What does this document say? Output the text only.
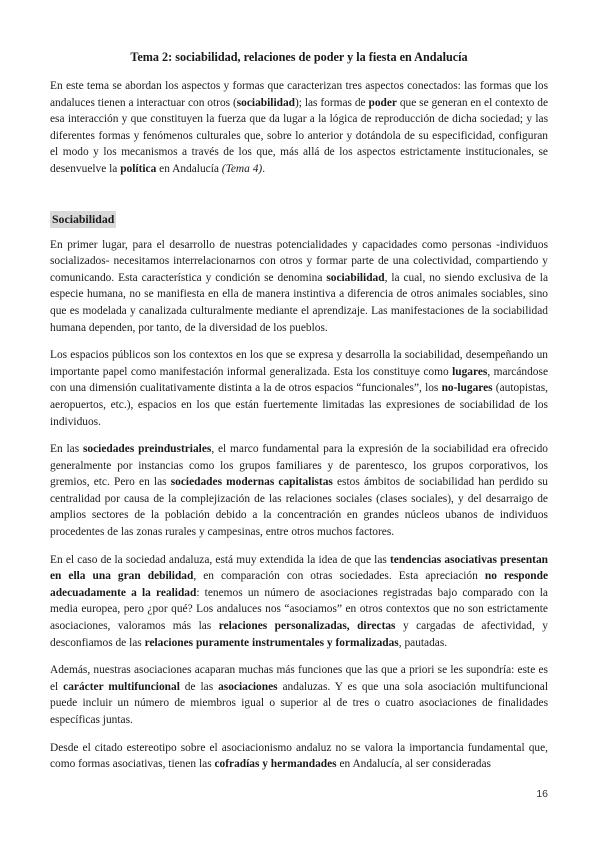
Tema 2: sociabilidad, relaciones de poder y la fiesta en Andalucía

En este tema se abordan los aspectos y formas que caracterizan tres aspectos conectados: las formas que los andaluces tienen a interactuar con otros (sociabilidad); las formas de poder que se generan en el contexto de esa interacción y que constituyen la fuerza que da lugar a la lógica de reproducción de dicha sociedad; y las diferentes formas y fenómenos culturales que, sobre lo anterior y dotándola de su especificidad, configuran el modo y los mecanismos a través de los que, más allá de los aspectos estrictamente institucionales, se desenvuelve la política en Andalucía (Tema 4).

Sociabilidad

En primer lugar, para el desarrollo de nuestras potencialidades y capacidades como personas -individuos socializados- necesitamos interrelacionarnos con otros y formar parte de una colectividad, compartiendo y comunicando. Esta característica y condición se denomina sociabilidad, la cual, no siendo exclusiva de la especie humana, no se manifiesta en ella de manera instintiva a diferencia de otros animales sociables, sino que es modelada y canalizada culturalmente mediante el aprendizaje. Las manifestaciones de la sociabilidad humana dependen, por tanto, de la diversidad de los pueblos.

Los espacios públicos son los contextos en los que se expresa y desarrolla la sociabilidad, desempeñando un importante papel como manifestación informal generalizada. Esta los constituye como lugares, marcándose con una dimensión cualitativamente distinta a la de otros espacios “funcionales”, los no-lugares (autopistas, aeropuertos, etc.), espacios en los que están fuertemente limitadas las expresiones de sociabilidad de los individuos.

En las sociedades preindustriales, el marco fundamental para la expresión de la sociabilidad era ofrecido generalmente por instancias como los grupos familiares y de parentesco, los grupos corporativos, los gremios, etc. Pero en las sociedades modernas capitalistas estos ámbitos de sociabilidad han perdido su centralidad por causa de la complejización de las relaciones sociales (clases sociales), y del desarraigo de amplios sectores de la población debido a la concentración en grandes núcleos ubanos de individuos procedentes de las zonas rurales y campesinas, entre otros muchos factores.

En el caso de la sociedad andaluza, está muy extendida la idea de que las tendencias asociativas presentan en ella una gran debilidad, en comparación con otras sociedades. Esta apreciación no responde adecuadamente a la realidad: tenemos un número de asociaciones registradas bajo comparado con la media europea, pero ¿por qué? Los andaluces nos “asociamos” en otros contextos que no son estrictamente asociaciones, valoramos más las relaciones personalizadas, directas y cargadas de afectividad, y desconfiamos de las relaciones puramente instrumentales y formalizadas, pautadas.

Además, nuestras asociaciones acaparan muchas más funciones que las que a priori se les supondría: este es el carácter multifuncional de las asociaciones andaluzas. Y es que una sola asociación multifuncional puede incluir un número de miembros igual o superior al de tres o cuatro asociaciones de finalidades específicas juntas.

Desde el citado estereotipo sobre el asociacionismo andaluz no se valora la importancia fundamental que, como formas asociativas, tienen las cofradías y hermandades en Andalucía, al ser consideradas

16
